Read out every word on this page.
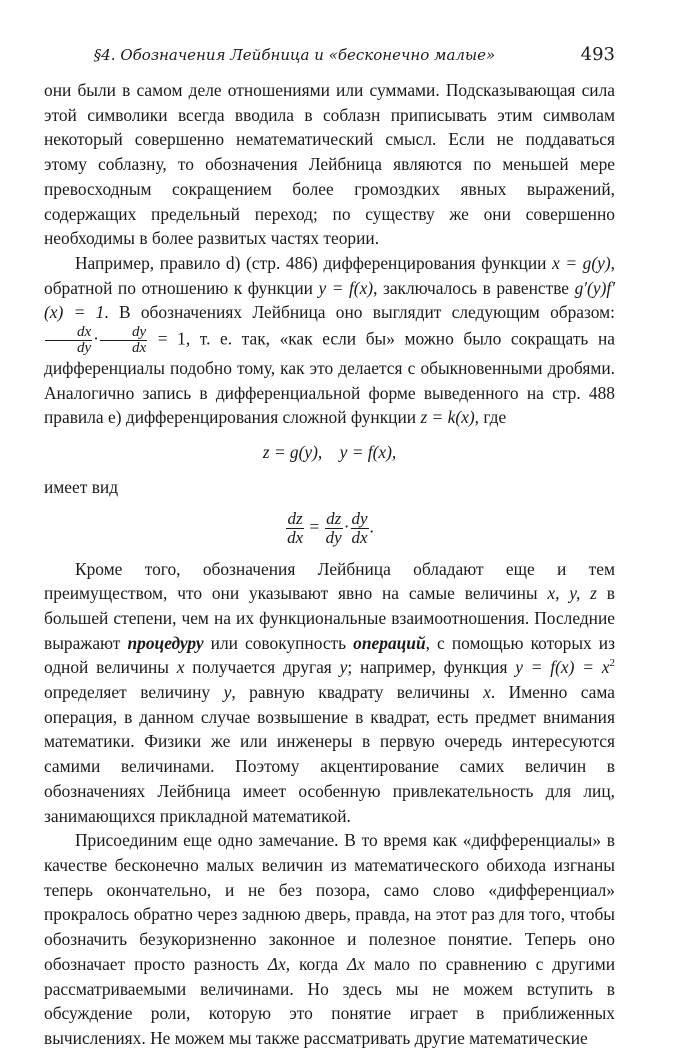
§4. Обозначения Лейбница и «бесконечно малые»	493

они были в самом деле отношениями или суммами. Подсказывающая сила этой символики всегда вводила в соблазн приписывать этим символам некоторый совершенно нематематический смысл. Если не поддаваться этому соблазну, то обозначения Лейбница являются по меньшей мере превосходным сокращением более громоздких явных выражений, содержащих предельный переход; по существу же они совершенно необходимы в более развитых частях теории.

Например, правило d) (стр. 486) дифференцирования функции x = g(y), обратной по отношению к функции y = f(x), заключалось в равенстве g′(y)f′(x) = 1. В обозначениях Лейбница оно выглядит следующим образом:
$\frac{dx}{dy} \cdot \frac{dy}{dx} = 1$, т. е. так, «как если бы» можно было сокращать на дифференциалы подобно тому, как это делается с обыкновенными дробями. Аналогично запись в дифференциальной форме выведенного на стр. 488 правила e) дифференцирования сложной функции z = k(x), где

z = g(y),    y = f(x),

имеет вид

$\frac{dz}{dx} = \frac{dz}{dy} \cdot \frac{dy}{dx}$ .

Кроме того, обозначения Лейбница обладают еще и тем преимуществом, что они указывают явно на самые величины x, y, z в большей степени, чем на их функциональные взаимоотношения. Последние выражают процедуру или совокупность операций, с помощью которых из одной величины x получается другая y; например, функция $y = f(x) = x^2$ определяет величину y, равную квадрату величины x. Именно сама операция, в данном случае возвышение в квадрат, есть предмет внимания математики. Физики же или инженеры в первую очередь интересуются самими величинами. Поэтому акцентирование самих величин в обозначениях Лейбница имеет особенную привлекательность для лиц, занимающихся прикладной математикой.

Присоединим еще одно замечание. В то время как «дифференциалы» в качестве бесконечно малых величин из математического обихода изгнаны теперь окончательно, и не без позора, само слово «дифференциал» прокралось обратно через заднюю дверь, правда, на этот раз для того, чтобы обозначить безукоризненно законное и полезное понятие. Теперь оно обозначает просто разность Δx, когда Δx мало по сравнению с другими рассматриваемыми величинами. Но здесь мы не можем вступить в обсуждение роли, которую это понятие играет в приближенных вычислениях. Не можем мы также рассматривать другие математические
